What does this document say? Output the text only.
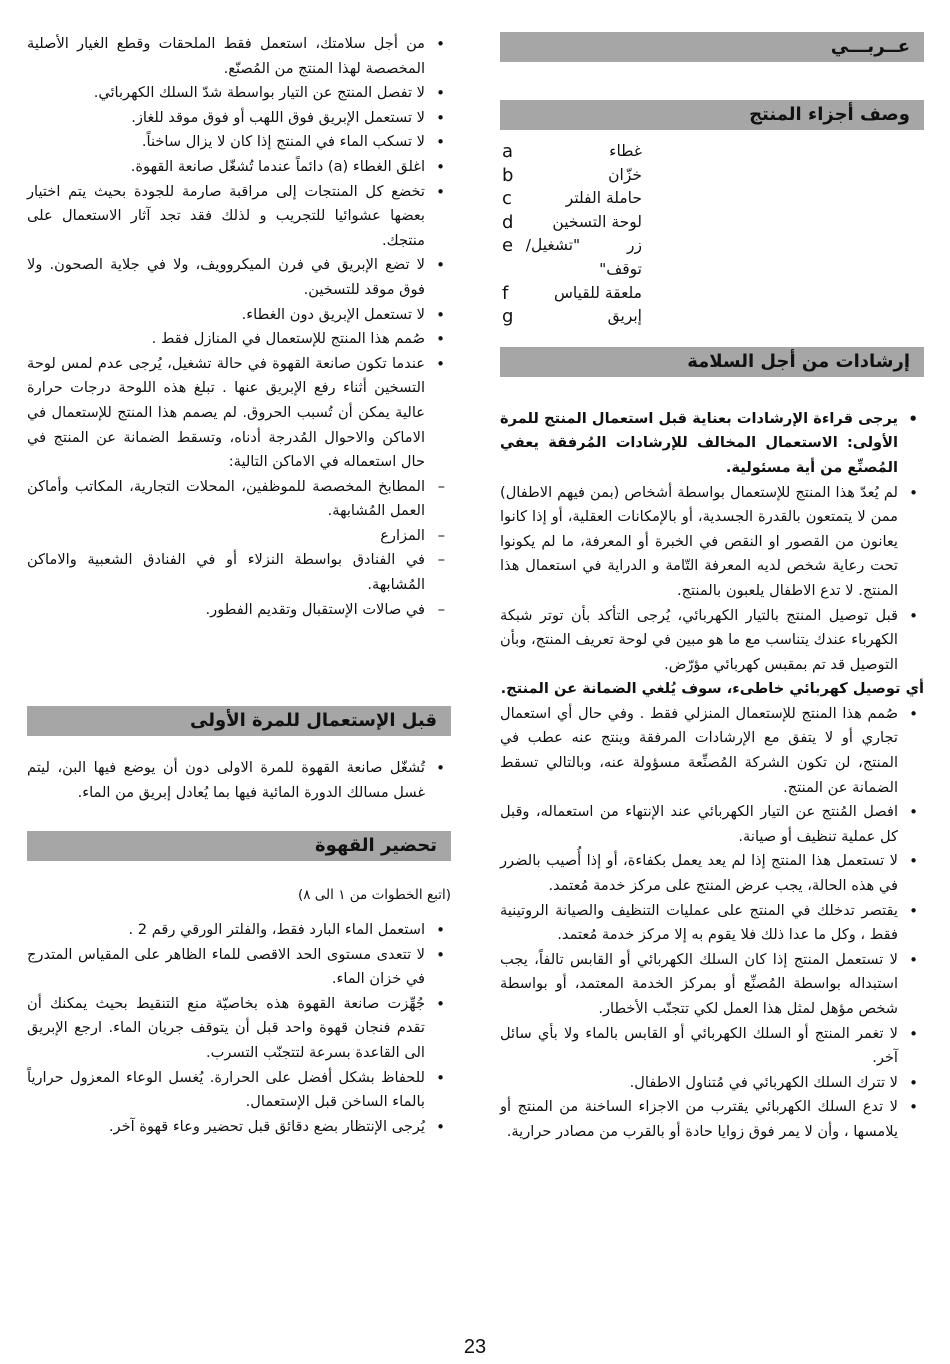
عــربـــي
وصف أجزاء المنتج
غطاء
a
خزّان
b
حاملة الفلتر
c
لوحة التسخين
d
زر "تشغيل/توقف"
e
ملعقة للقياس
f
إبريق
g
إرشادات من أجل السلامة
• يرجى قراءة الإرشادات بعناية قبل استعمال المنتج للمرة الأولى: الاستعمال المخالف للإرشادات المُرفقة يعفي المُصنِّع من أية مسئولية.
• لم يُعدّ هذا المنتج للإستعمال بواسطة أشخاص (بمن فيهم الاطفال) ممن لا يتمتعون بالقدرة الجسدية، أو بالإمكانات العقلية، أو إذا كانوا يعانون من القصور او النقص في الخبرة أو المعرفة، ما لم يكونوا تحت رعاية شخص لديه المعرفة التّامة و الدراية في استعمال هذا المنتج. لا تدع الاطفال يلعبون بالمنتج.
• قبل توصيل المنتج بالتيار الكهربائي، يُرجى التأكد بأن توتر شبكة الكهرباء عندك يتناسب مع ما هو مبين في لوحة تعريف المنتج، وبأن التوصيل قد تم بمقبس كهربائي مؤرّض.
أي توصيل كهربائي خاطىء، سوف يُلغي الضمانة عن المنتج.
• صُمم هذا المنتج للإستعمال المنزلي فقط . وفي حال أي استعمال تجاري أو لا يتفق مع الإرشادات المرفقة وينتج عنه عطب في المنتج، لن تكون الشركة المُصنِّعة مسؤولة عنه، وبالتالي تسقط الضمانة عن المنتج.
• افصل المُنتج عن التيار الكهربائي عند الإنتهاء من استعماله، وقبل كل عملية تنظيف أو صيانة.
• لا تستعمل هذا المنتج إذا لم يعد يعمل بكفاءة، أو إذا أُصيب بالضرر في هذه الحالة، يجب عرض المنتج على مركز خدمة مُعتمد.
• يقتصر تدخلك في المنتج على عمليات التنظيف والصيانة الروتينية فقط ، وكل ما عدا ذلك فلا يقوم به إلا مركز خدمة مُعتمد.
• لا تستعمل المنتج إذا كان السلك الكهربائي أو القابس تالفاً، يجب استبداله بواسطة المُصنِّع أو بمركز الخدمة المعتمد، أو بواسطة شخص مؤهل لمثل هذا العمل لكي تتجنّب الأخطار.
• لا تغمر المنتج أو السلك الكهربائي أو القابس بالماء ولا بأي سائل آخر.
• لا تترك السلك الكهربائي في مُتناول الاطفال.
• لا تدع السلك الكهربائي يقترب من الاجزاء الساخنة من المنتج أو يلامسها ، وأن لا يمر فوق زوايا حادة أو بالقرب من مصادر حرارية.
• من أجل سلامتك، استعمل فقط الملحقات وقطع الغيار الأصلية المخصصة لهذا المنتج من المُصنّع.
• لا تفصل المنتج عن التيار بواسطة شدّ السلك الكهربائي.
• لا تستعمل الإبريق فوق اللهب أو فوق موقد للغاز.
• لا تسكب الماء في المنتج إذا كان لا يزال ساخناً.
• اغلق الغطاء (a) دائماً عندما تُشغّل صانعة القهوة.
• تخضع كل المنتجات إلى مراقبة صارمة للجودة بحيث يتم اختيار بعضها عشوائيا للتجريب و لذلك فقد تجد آثار الاستعمال على منتجك.
• لا تضع الإبريق في فرن الميكروويف، ولا في جلاية الصحون. ولا فوق موقد للتسخين.
• لا تستعمل الإبريق دون الغطاء.
• صُمم هذا المنتج للإستعمال في المنازل فقط .
• عندما تكون صانعة القهوة في حالة تشغيل، يُرجى عدم لمس لوحة التسخين أثناء رفع الإبريق عنها . تبلغ هذه اللوحة درجات حرارة عالية يمكن أن تُسبب الحروق. لم يصمم هذا المنتج للإستعمال في الاماكن والاحوال المُدرجة أدناه، وتسقط الضمانة عن المنتج في حال استعماله في الاماكن التالية:
– المطابخ المخصصة للموظفين، المحلات التجارية، المكاتب وأماكن العمل المُشابهة.
– المزارع
– في الفنادق بواسطة النزلاء أو في الفنادق الشعبية والاماكن المُشابهة.
– في صالات الإستقبال وتقديم الفطور.
قبل الإستعمال للمرة الأولى
• تُشغّل صانعة القهوة للمرة الاولى دون أن يوضع فيها البن، ليتم غسل مسالك الدورة المائية فيها بما يُعادل إبريق من الماء.
تحضير القهوة
(اتبع الخطوات من ١ الى ٨)
• استعمل الماء البارد فقط، والفلتر الورقي رقم 2 .
• لا تتعدى مستوى الحد الاقصى للماء الظاهر على المقياس المتدرج في خزان الماء.
• جُهِّزت صانعة القهوة هذه بخاصيّة منع التنقيط بحيث يمكنك أن تقدم فنجان قهوة واحد قبل أن يتوقف جريان الماء. ارجع الإبريق الى القاعدة بسرعة لتتجنّب التسرب.
• للحفاظ بشكل أفضل على الحرارة. يُغسل الوعاء المعزول حرارياً بالماء الساخن قبل الإستعمال.
• يُرجى الإنتظار بضع دقائق قبل تحضير وعاء قهوة آخر.
23
